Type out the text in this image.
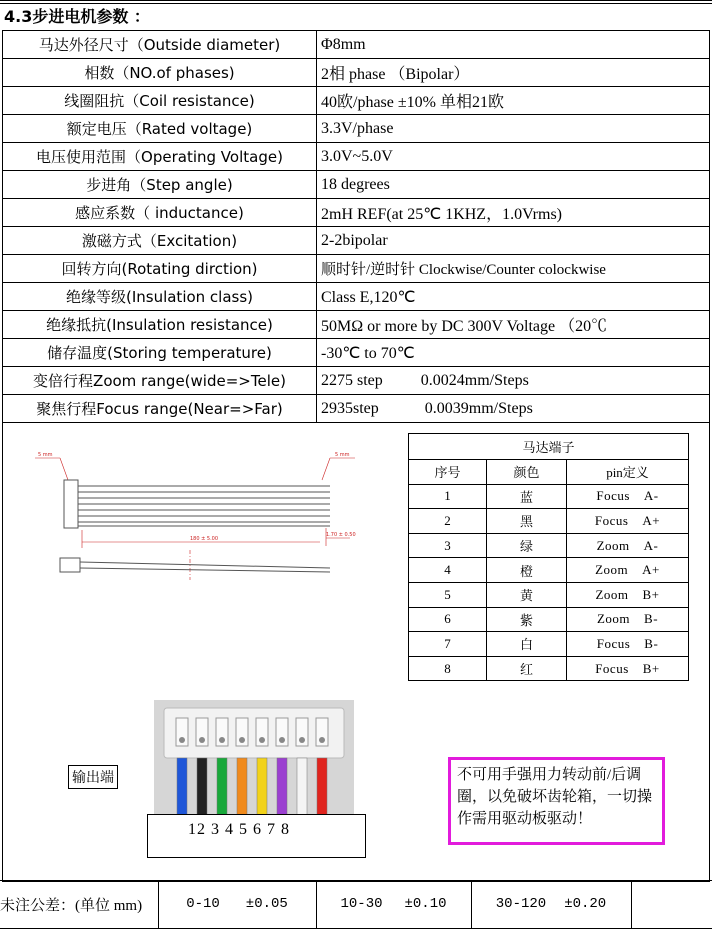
4.3步进电机参数 ：
马达外径尺寸（Outside diameter)	Φ8mm
相数（NO.of phases)	2相 phase （Bipolar）
线圈阻抗（Coil resistance)	40欧/phase ±10% 单相21欧
额定电压（Rated voltage)	3.3V/phase
电压使用范围（Operating Voltage)	3.0V~5.0V
步进角（Step angle)	18 degrees
感应系数（ inductance)	2mH REF(at 25℃ 1KHZ，1.0Vrms)
激磁方式（Excitation)	2-2bipolar
回转方向(Rotating dirction)	顺时针/逆时针 Clockwise/Counter colockwise
绝缘等级(Insulation class)	Class E,120℃
绝缘抵抗(Insulation resistance)	50MΩ or more by DC 300V Voltage （20℃
储存温度(Storing temperature)	-30℃ to 70℃
变倍行程Zoom range(wide=>Tele)	2275 step 0.0024mm/Steps
聚焦行程Focus range(Near=>Far)	2935step 0.0039mm/Steps
5 mm	5 mm
180 ± 5.00
1.70 ± 0.50
马达端子		
序号	颜色	pin定义
1	蓝	Focus A-
2	黑	Focus A+
3	绿	Zoom A-
4	橙	Zoom A+
5	黄	Zoom B+
6	紫	Zoom B-
7	白	Focus B-
8	红	Focus B+
输出端
12 3 4 5 6 7 8
不可用手强用力转动前/后调圈，以免破坏齿轮箱，一切操作需用驱动板驱动！
未注公差：(单位 mm)	0-10 ±0.05	10-30 ±0.10	30-120 ±0.20
